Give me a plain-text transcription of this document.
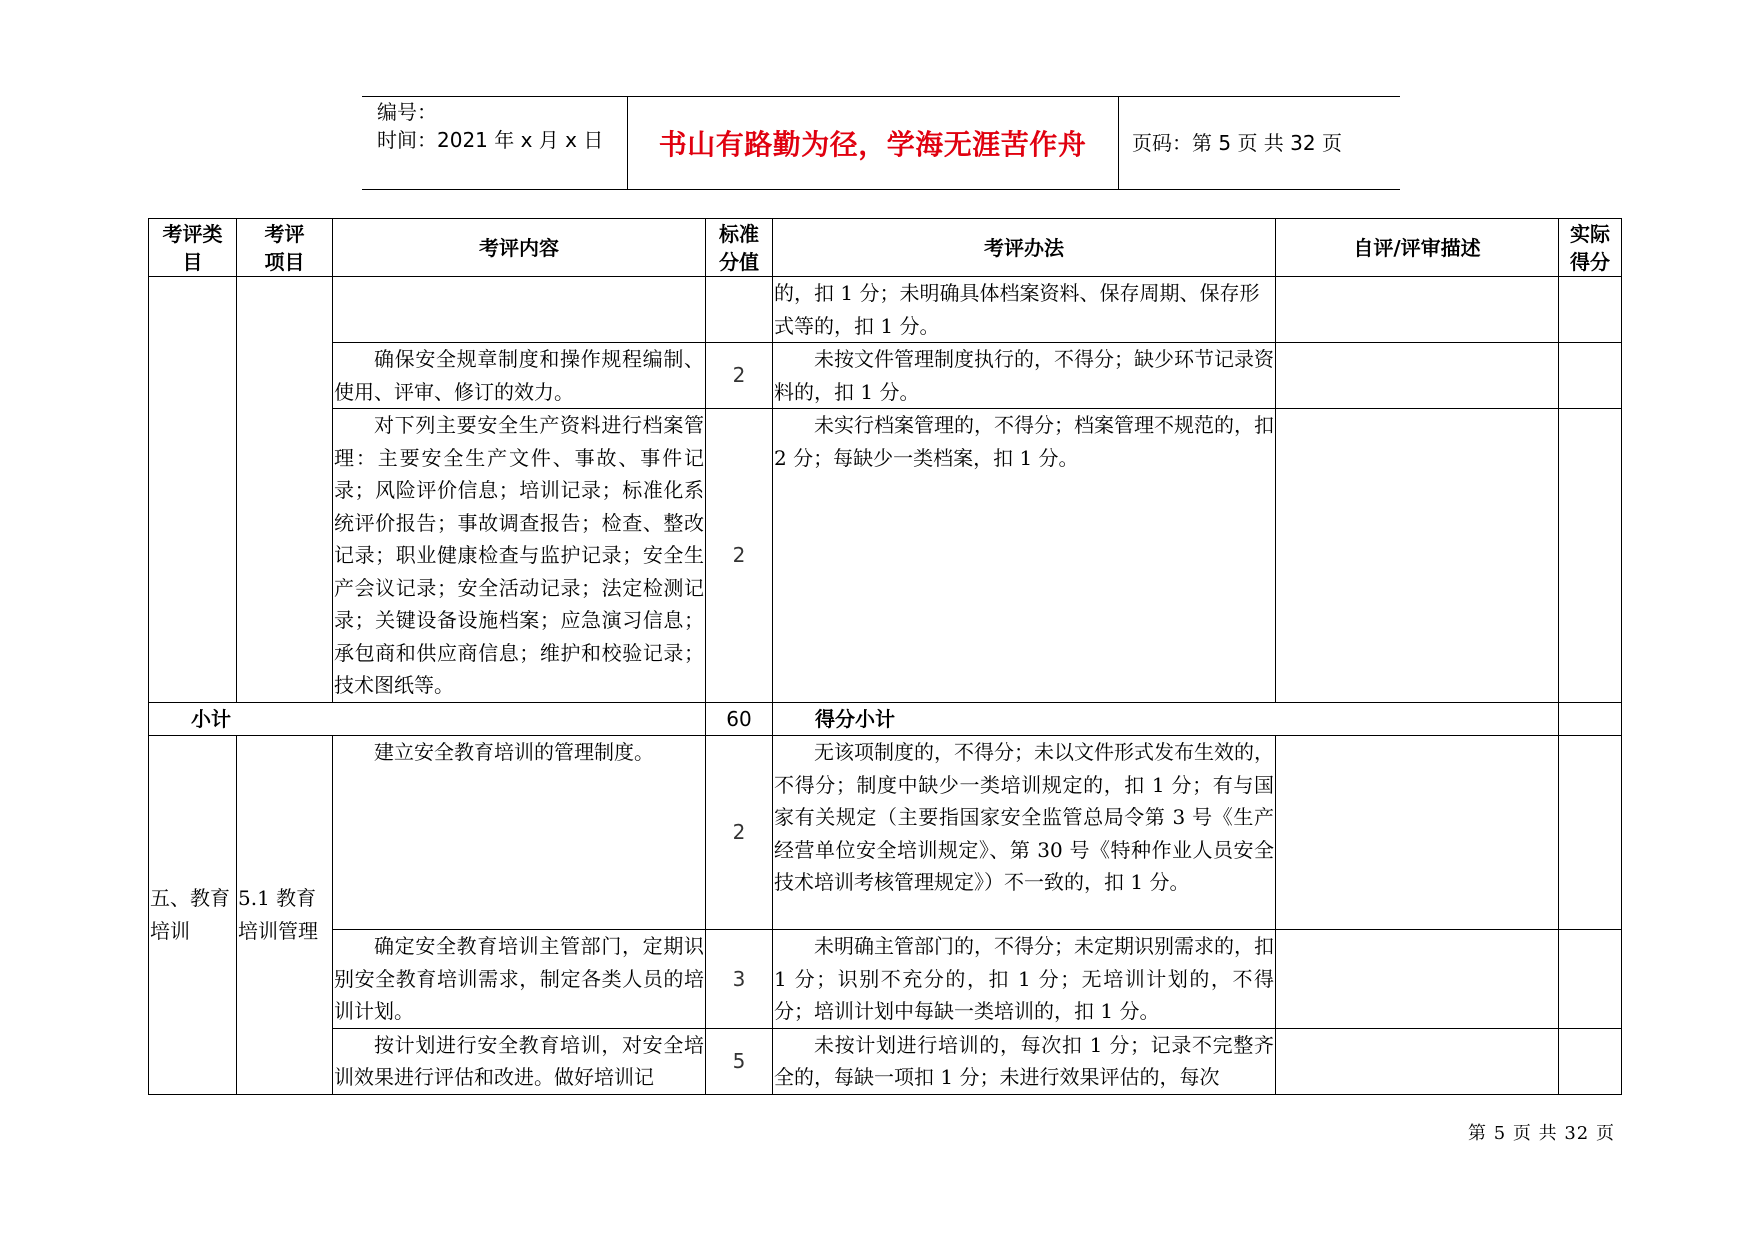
编号：
时间：2021 年 x 月 x 日	书山有路勤为径，学海无涯苦作舟	页码：第 5 页 共 32 页
考评类目	考评项目	考评内容	标准分值	考评办法	自评/评审描述	实际得分
				的，扣 1 分；未明确具体档案资料、保存周期、保存形式等的，扣 1 分。		
		确保安全规章制度和操作规程编制、使用、评审、修订的效力。	2	未按文件管理制度执行的，不得分；缺少环节记录资料的，扣 1 分。		
		对下列主要安全生产资料进行档案管理：主要安全生产文件、事故、事件记录；风险评价信息；培训记录；标准化系统评价报告；事故调查报告；检查、整改记录；职业健康检查与监护记录；安全生产会议记录；安全活动记录；法定检测记录；关键设备设施档案；应急演习信息；承包商和供应商信息；维护和校验记录；技术图纸等。	2	未实行档案管理的，不得分；档案管理不规范的，扣 2 分；每缺少一类档案，扣 1 分。		
小计			60	得分小计		
五、教育培训	5.1 教育培训管理	建立安全教育培训的管理制度。	2	无该项制度的，不得分；未以文件形式发布生效的，不得分；制度中缺少一类培训规定的，扣 1 分；有与国家有关规定（主要指国家安全监管总局令第 3 号《生产经营单位安全培训规定》、第 30 号《特种作业人员安全技术培训考核管理规定》）不一致的，扣 1 分。		
		确定安全教育培训主管部门，定期识别安全教育培训需求，制定各类人员的培训计划。	3	未明确主管部门的，不得分；未定期识别需求的，扣 1 分；识别不充分的，扣 1 分；无培训计划的，不得分；培训计划中每缺一类培训的，扣 1 分。		
		按计划进行安全教育培训，对安全培训效果进行评估和改进。做好培训记	5	未按计划进行培训的，每次扣 1 分；记录不完整齐全的，每缺一项扣 1 分；未进行效果评估的，每次		
第 5 页 共 32 页
